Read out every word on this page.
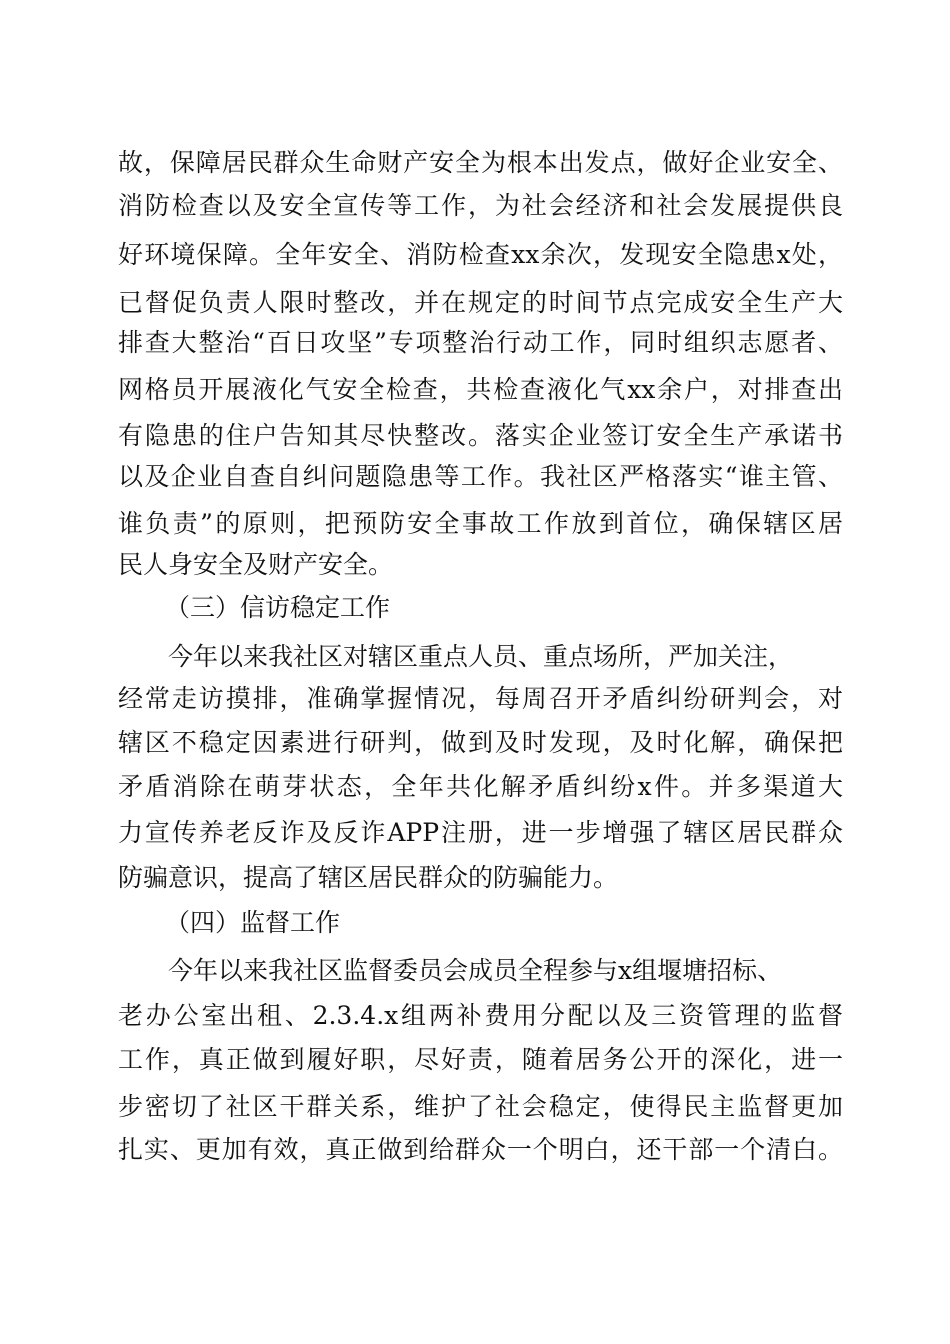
故，保障居民群众生命财产安全为根本出发点，做好企业安全、
消防检查以及安全宣传等工作，为社会经济和社会发展提供良
好环境保障。全年安全、消防检查xx余次，发现安全隐患x处，
已督促负责人限时整改，并在规定的时间节点完成安全生产大
排查大整治“百日攻坚”专项整治行动工作，同时组织志愿者、
网格员开展液化气安全检查，共检查液化气xx余户，对排查出
有隐患的住户告知其尽快整改。落实企业签订安全生产承诺书
以及企业自查自纠问题隐患等工作。我社区严格落实“谁主管、
谁负责”的原则，把预防安全事故工作放到首位，确保辖区居
民人身安全及财产安全。
（三）信访稳定工作
今年以来我社区对辖区重点人员、重点场所，严加关注，
经常走访摸排，准确掌握情况，每周召开矛盾纠纷研判会，对
辖区不稳定因素进行研判，做到及时发现，及时化解，确保把
矛盾消除在萌芽状态，全年共化解矛盾纠纷x件。并多渠道大
力宣传养老反诈及反诈APP注册，进一步增强了辖区居民群众
防骗意识，提高了辖区居民群众的防骗能力。
（四）监督工作
今年以来我社区监督委员会成员全程参与x组堰塘招标、
老办公室出租、2.3.4.x组两补费用分配以及三资管理的监督
工作，真正做到履好职，尽好责，随着居务公开的深化，进一
步密切了社区干群关系，维护了社会稳定，使得民主监督更加
扎实、更加有效，真正做到给群众一个明白，还干部一个清白。
